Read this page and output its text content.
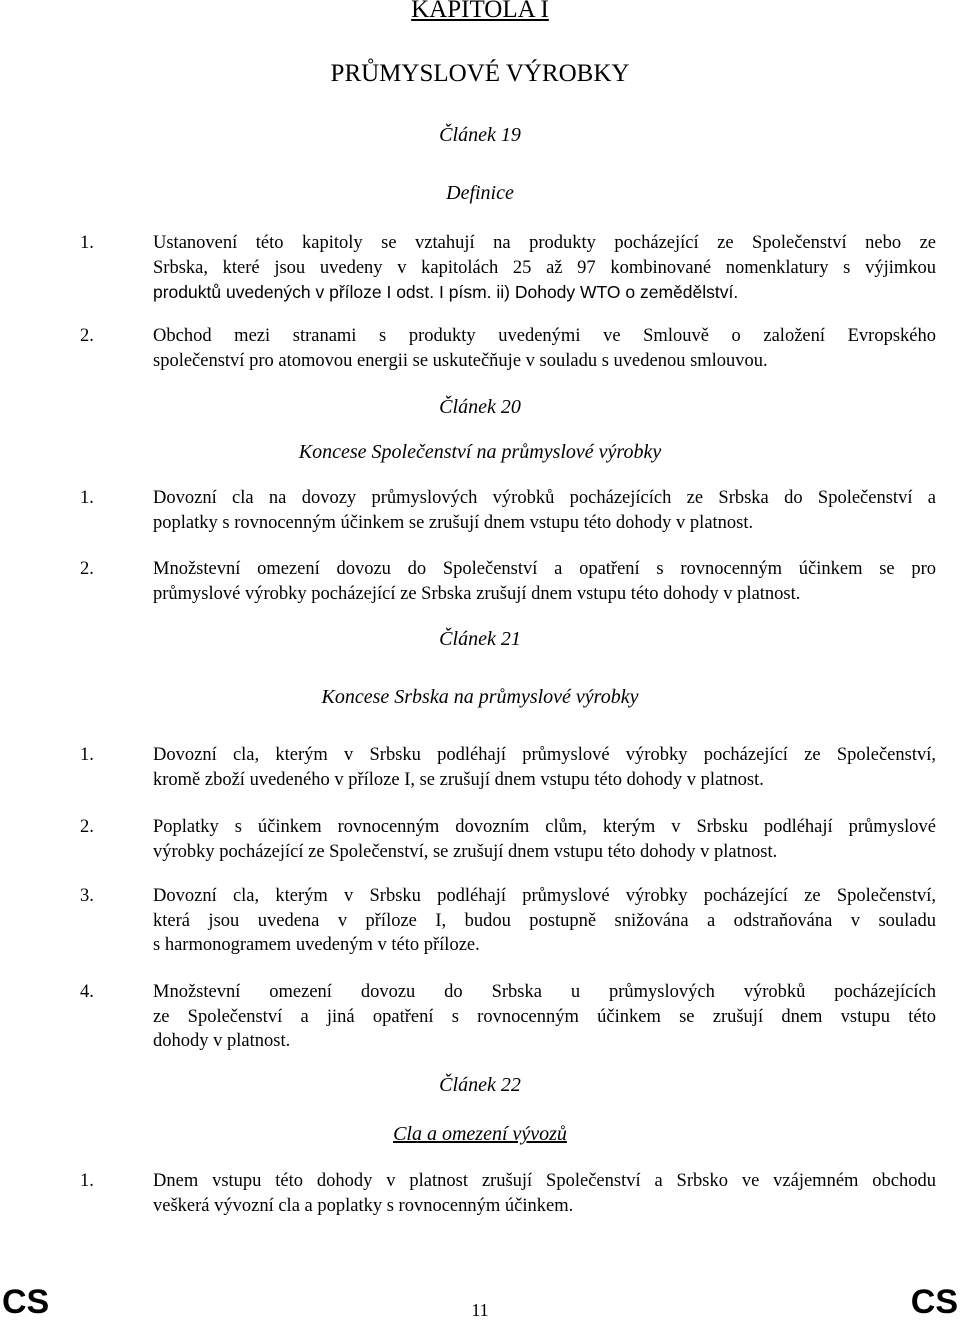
KAPITOLA I
PRŮMYSLOVÉ VÝROBKY
Článek 19
Definice
1.	Ustanovení této kapitoly se vztahují na produkty pocházející ze Společenství nebo ze
Srbska, které jsou uvedeny v kapitolách 25 až 97 kombinované nomenklatury s výjimkou
produktů uvedených v příloze I odst. I písm. ii) Dohody WTO o zemědělství.
2.	Obchod mezi stranami s produkty uvedenými ve Smlouvě o založení Evropského
společenství pro atomovou energii se uskutečňuje v souladu s uvedenou smlouvou.
Článek 20
Koncese Společenství na průmyslové výrobky
1.	Dovozní cla na dovozy průmyslových výrobků pocházejících ze Srbska do Společenství a
poplatky s rovnocenným účinkem se zrušují dnem vstupu této dohody v platnost.
2.	Množstevní omezení dovozu do Společenství a opatření s rovnocenným účinkem se pro
průmyslové výrobky pocházející ze Srbska zrušují dnem vstupu této dohody v platnost.
Článek 21
Koncese Srbska na průmyslové výrobky
1.	Dovozní cla, kterým v Srbsku podléhají průmyslové výrobky pocházející ze Společenství,
kromě zboží uvedeného v příloze I, se zrušují dnem vstupu této dohody v platnost.
2.	Poplatky s účinkem rovnocenným dovozním clům, kterým v Srbsku podléhají průmyslové
výrobky pocházející ze Společenství, se zrušují dnem vstupu této dohody v platnost.
3.	Dovozní cla, kterým v Srbsku podléhají průmyslové výrobky pocházející ze Společenství,
která jsou uvedena v příloze I, budou postupně snižována a odstraňována v souladu
s harmonogramem uvedeným v této příloze.
4.	Množstevní omezení dovozu do Srbska u průmyslových výrobků pocházejících
ze Společenství a jiná opatření s rovnocenným účinkem se zrušují dnem vstupu této
dohody v platnost.
Článek 22
Cla a omezení vývozů
1.	Dnem vstupu této dohody v platnost zrušují Společenství a Srbsko ve vzájemném obchodu
veškerá vývozní cla a poplatky s rovnocenným účinkem.
CS	11	CS
